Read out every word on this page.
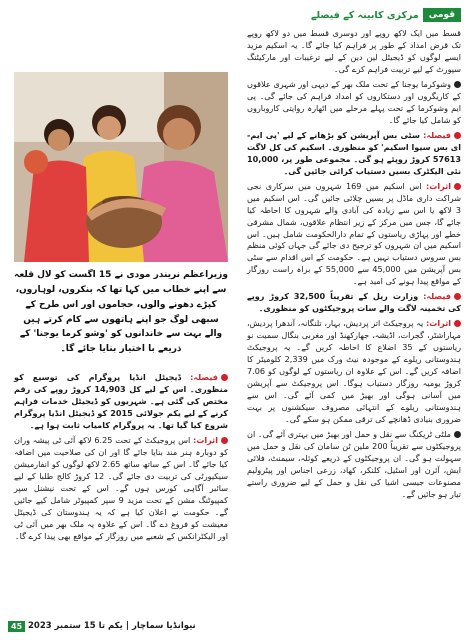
قومی
مرکزی کابینہ کے فیصلے

قسط میں ایک لاکھ روپے اور دوسری قسط میں دو لاکھ روپے تک قرض امداد کے طور پر فراہم کیا جائے گا۔ یہ اسکیم مزید ایسے لوگوں کو ڈیجیٹل لین دین کے لیے ترغیبات اور مارکیٹنگ سپورٹ کے لیے تربیت فراہم کرے گی۔

وشوکرما یوجنا کے تحت ملک بھر کے دیہی اور شہری علاقوں کے کاریگروں اور دستکاروں کو امداد فراہم کی جائے گی۔ پی ایم وشوکرما کے تحت پہلے مرحلے میں اٹھارہ روایتی کاروباروں کو شامل کیا جائے گا۔

فیصلہ: سٹی بس آپریشن کو بڑھانے کے لیے 'پی ایم-ای بس سیوا اسکیم' کو منظوری۔ اسکیم کی کل لاگت 57613 کروڑ روپئے ہو گی۔ مجموعی طور پر، 10,000 نئی الیکٹرک بسیں دستیاب کرائی جائیں گی۔

اثرات: اس اسکیم میں 169 شہروں میں سرکاری نجی شراکت داری ماڈل پر بسیں چلائی جائیں گی۔ اس اسکیم میں 3 لاکھ یا اس سے زیادہ کی آبادی والے شہروں کا احاطہ کیا جائے گا، جس میں مرکز کے زیر انتظام علاقوں، شمال مشرقی خطے اور پہاڑی ریاستوں کے تمام دارالحکومت شامل ہیں۔ اس اسکیم میں ان شہروں کو ترجیح دی جائے گی جہاں کوئی منظم بس سروس دستیاب نہیں ہے۔ حکومت کے اس اقدام سے سٹی بس آپریشن میں 45,000 سے 55,000 کے براہ راست روزگار کے مواقع پیدا ہونے کی امید ہے۔

فیصلہ: وزارت ریل کے تقریباً 32,500 کروڑ روپے کی تخمینہ لاگت والے سات پروجیکٹوں کو منظوری۔

اثرات: یہ پروجیکٹ اتر پردیش، بہار، تلنگانہ، آندھرا پردیش، مہاراشٹر، گجرات، اڈیشہ، جھارکھنڈ اور مغربی بنگال سمیت نو ریاستوں کے 35 اضلاع کا احاطہ کریں گے۔ یہ پروجیکٹ ہندوستانی ریلوے کے موجودہ نیٹ ورک میں 2,339 کلومیٹر کا اضافہ کریں گے۔ اس کے علاوہ ان ریاستوں کے لوگوں کو 7.06 کروڑ یومیہ روزگار دستیاب ہوگا۔ اس پروجیکٹ سے آپریشن میں آسانی ہوگی اور بھیڑ میں کمی آئے گی۔ اس سے ہندوستانی ریلوے کے انتہائی مصروف سیکشنوں پر بہت ضروری بنیادی ڈھانچے کی ترقی ممکن ہو سکے گی۔

ملٹی ٹریکنگ سے نقل و حمل اور بھیڑ میں بہتری آئے گی۔ ان پروجیکٹوں سے تقریباً 200 ملین ٹن سامان کی نقل و حمل میں سہولت ہو گی۔ ان پروجیکٹوں کے ذریعے کوئلہ، سیمنٹ، فلائی ایش، آئرن اور اسٹیل، کلنکر، کھاد، زرعی اجناس اور پیٹرولیم مصنوعات جیسی اشیا کی نقل و حمل کے لیے ضروری راستے تیار ہو جائیں گے۔

وزیراعظم نریندر مودی نے 15 اگست کو لال قلعہ سے اپنے خطاب میں کہا تھا کہ بنکروں، لوہاروں، کپڑے دھونے والوں، حجاموں اور اس طرح کے سبھی لوگ جو اپنے ہاتھوں سے کام کرتے ہیں والے بہت سے خاندانوں کو 'وشو کرما یوجنا' کے ذریعے با اختیار بنایا جائے گا۔

فیصلہ: ڈیجیٹل انڈیا پروگرام کی توسیع کو منظوری۔ اس کے لیے کل 14,903 کروڑ روپے کی رقم مختص کی گئی ہے۔ شہریوں کو ڈیجیٹل خدمات فراہم کرنے کے لیے یکم جولائی 2015 کو ڈیجیٹل انڈیا پروگرام شروع کیا گیا تھا۔ یہ پروگرام کامیاب ثابت ہوا ہے۔

اثرات: اس پروجیکٹ کے تحت 6.25 لاکھ آئی ٹی پیشہ وران کو دوبارہ ہنر مند بنایا جائے گا اور ان کی صلاحیت میں اضافہ کیا جائے گا۔ اس کے ساتھ ساتھ 2.65 لاکھ لوگوں کو انفارمیشن سیکیورٹی کی تربیت دی جائے گی۔ 12 کروڑ کالج طلبا کے لیے سائبر آگاہی کورس ہوں گے۔ اس کے تحت نیشنل سپر کمپیوٹنگ مشن کے تحت مزید 9 سپر کمپیوٹر شامل کیے جائیں گے۔ حکومت نے اعلان کیا ہے کہ یہ ہندوستان کی ڈیجیٹل معیشت کو فروغ دے گا۔ اس کے علاوہ یہ ملک بھر میں آئی ٹی اور الیکٹرانکس کے شعبے میں روزگار کے مواقع بھی پیدا کرے گا۔

45	نیوانڈیا سماچار
|
یکم تا 15 ستمبر 2023
